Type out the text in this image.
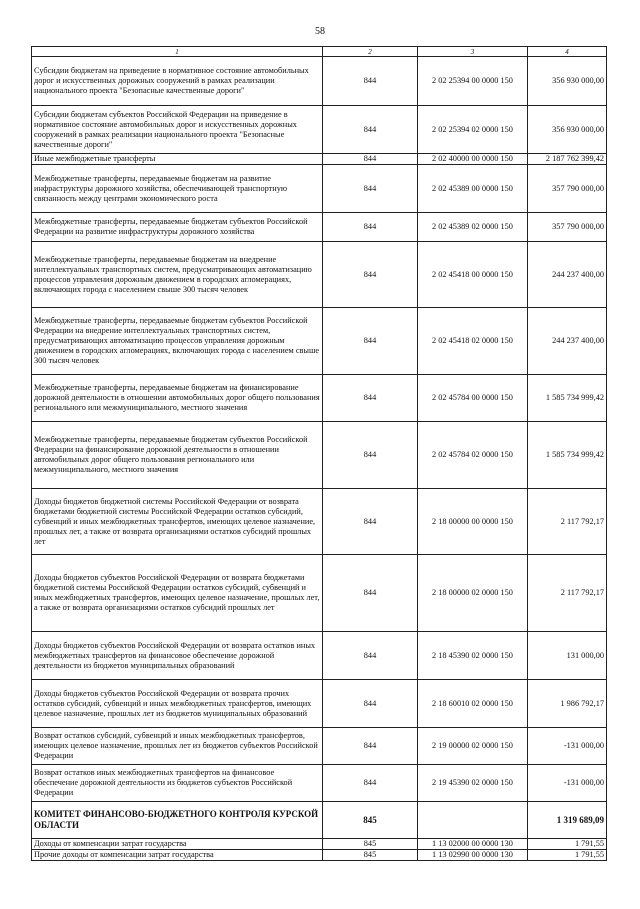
58
1	2	3	4
Субсидии бюджетам на приведение в нормативное состояние автомобильных дорог и искусственных дорожных сооружений в рамках реализации национального проекта "Безопасные качественные дороги"	844	2 02 25394 00 0000 150	356 930 000,00
Субсидии бюджетам субъектов Российской Федерации на приведение в нормативное состояние автомобильных дорог и искусственных дорожных сооружений в рамках реализации национального проекта "Безопасные качественные дороги"	844	2 02 25394 02 0000 150	356 930 000,00
Иные межбюджетные трансферты	844	2 02 40000 00 0000 150	2 187 762 399,42
Межбюджетные трансферты, передаваемые бюджетам на развитие инфраструктуры дорожного хозяйства, обеспечивающей транспортную связанность между центрами экономического роста	844	2 02 45389 00 0000 150	357 790 000,00
Межбюджетные трансферты, передаваемые бюджетам субъектов Российской Федерации на развитие инфраструктуры дорожного хозяйства	844	2 02 45389 02 0000 150	357 790 000,00
Межбюджетные трансферты, передаваемые бюджетам на внедрение интеллектуальных транспортных систем, предусматривающих автоматизацию процессов управления дорожным движением в городских агломерациях, включающих города с населением свыше 300 тысяч человек	844	2 02 45418 00 0000 150	244 237 400,00
Межбюджетные трансферты, передаваемые бюджетам субъектов Российской Федерации на внедрение интеллектуальных транспортных систем, предусматривающих автоматизацию процессов управления дорожным движением в городских агломерациях, включающих города с населением свыше 300 тысяч человек	844	2 02 45418 02 0000 150	244 237 400,00
Межбюджетные трансферты, передаваемые бюджетам на финансирование дорожной деятельности в отношении автомобильных дорог общего пользования регионального или межмуниципального, местного значения	844	2 02 45784 00 0000 150	1 585 734 999,42
Межбюджетные трансферты, передаваемые бюджетам субъектов Российской Федерации на финансирование дорожной деятельности в отношении автомобильных дорог общего пользования регионального или межмуниципального, местного значения	844	2 02 45784 02 0000 150	1 585 734 999,42
Доходы бюджетов бюджетной системы Российской Федерации от возврата бюджетами бюджетной системы Российской Федерации остатков субсидий, субвенций и иных межбюджетных трансфертов, имеющих целевое назначение, прошлых лет, а также от возврата организациями остатков субсидий прошлых лет	844	2 18 00000 00 0000 150	2 117 792,17
Доходы бюджетов субъектов Российской Федерации от возврата бюджетами бюджетной системы Российской Федерации остатков субсидий, субвенций и иных межбюджетных трансфертов, имеющих целевое назначение, прошлых лет, а также от возврата организациями остатков субсидий прошлых лет	844	2 18 00000 02 0000 150	2 117 792,17
Доходы бюджетов субъектов Российской Федерации от возврата остатков иных межбюджетных трансфертов на финансовое обеспечение дорожной деятельности из бюджетов муниципальных образований	844	2 18 45390 02 0000 150	131 000,00
Доходы бюджетов субъектов Российской Федерации от возврата прочих остатков субсидий, субвенций и иных межбюджетных трансфертов, имеющих целевое назначение, прошлых лет из бюджетов муниципальных образований	844	2 18 60010 02 0000 150	1 986 792,17
Возврат остатков субсидий, субвенций и иных межбюджетных трансфертов, имеющих целевое назначение, прошлых лет из бюджетов субъектов Российской Федерации	844	2 19 00000 02 0000 150	-131 000,00
Возврат остатков иных межбюджетных трансфертов на финансовое обеспечение дорожной деятельности из бюджетов субъектов Российской Федерации	844	2 19 45390 02 0000 150	-131 000,00
КОМИТЕТ ФИНАНСОВО-БЮДЖЕТНОГО КОНТРОЛЯ КУРСКОЙ ОБЛАСТИ	845		1 319 689,09
Доходы от компенсации затрат государства	845	1 13 02000 00 0000 130	1 791,55
Прочие доходы от компенсации затрат государства	845	1 13 02990 00 0000 130	1 791,55
